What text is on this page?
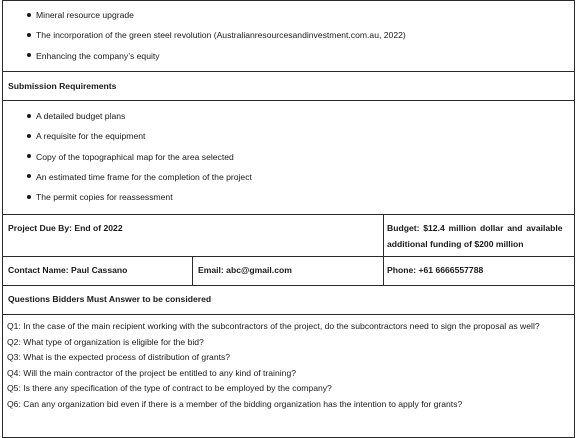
Mineral resource upgrade
The incorporation of the green steel revolution (Australianresourcesandinvestment.com.au, 2022)
Enhancing the company’s equity
Submission Requirements
A detailed budget plans
A requisite for the equipment
Copy of the topographical map for the area selected
An estimated time frame for the completion of the project
The permit copies for reassessment
Project Due By: End of 2022	Budget: $12.4 million dollar and available
additional funding of $200 million
Contact Name: Paul Cassano	Email: abc@gmail.com	Phone: +61 6666557788
Questions Bidders Must Answer to be considered
Q1: In the case of the main recipient working with the subcontractors of the project, do the subcontractors need to sign the proposal as well?
Q2: What type of organization is eligible for the bid?
Q3: What is the expected process of distribution of grants?
Q4: Will the main contractor of the project be entitled to any kind of training?
Q5: Is there any specification of the type of contract to be employed by the company?
Q6: Can any organization bid even if there is a member of the bidding organization has the intention to apply for grants?
